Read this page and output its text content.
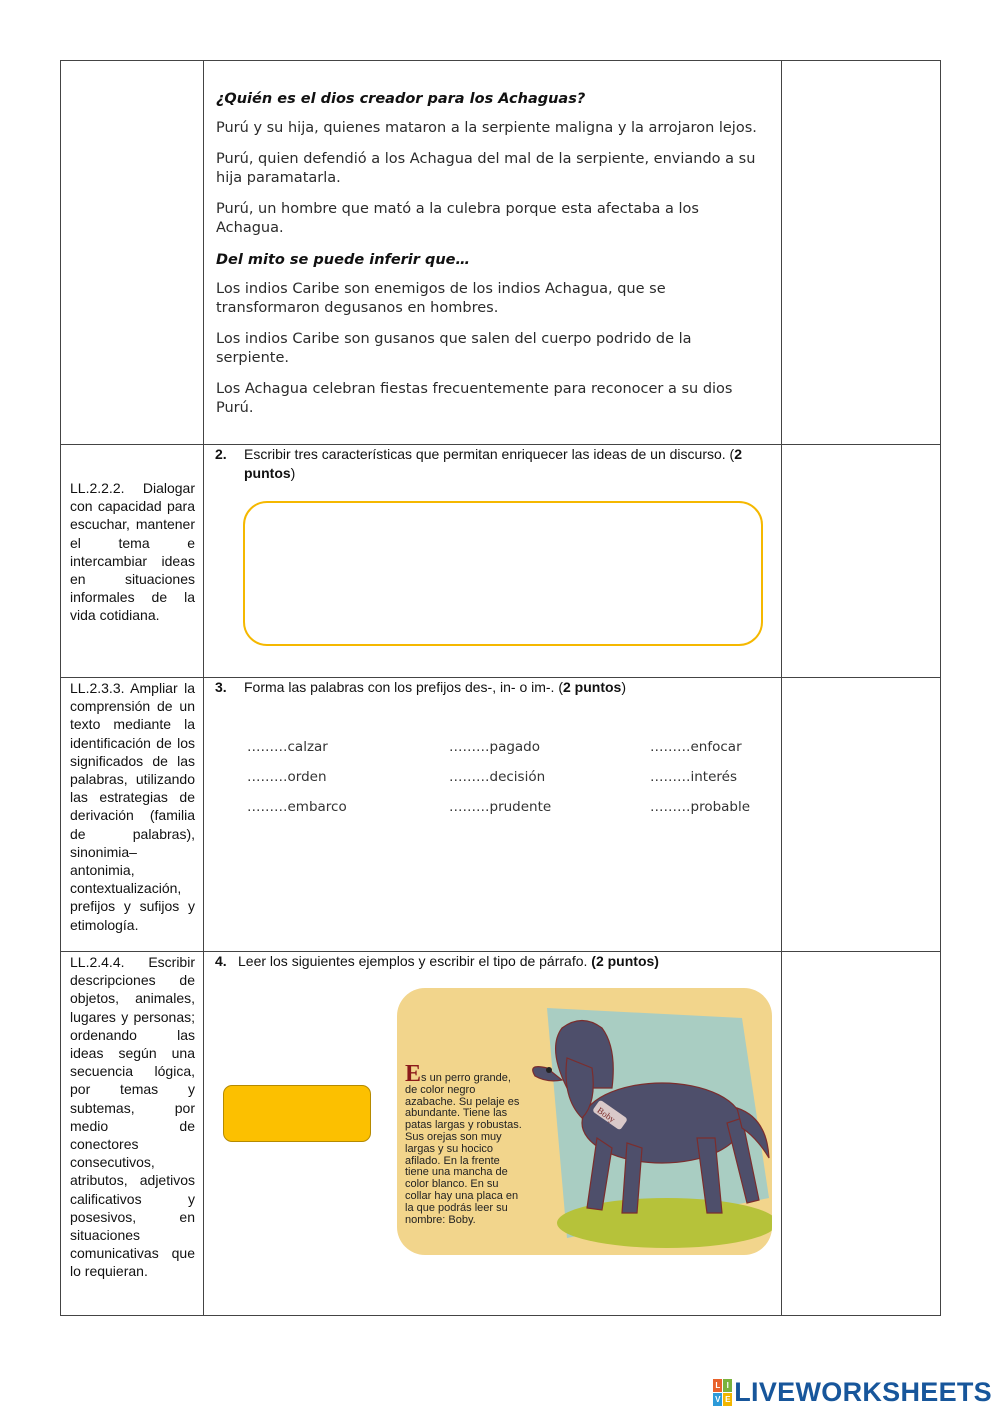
¿Quién es el dios creador para los Achaguas?

Purú y su hija, quienes mataron a la serpiente maligna y la arrojaron lejos.

Purú, quien defendió a los Achagua del mal de la serpiente, enviando a su hija paramatarla.

Purú, un hombre que mató a la culebra porque esta afectaba a los Achagua.

Del mito se puede inferir que…

Los indios Caribe son enemigos de los indios Achagua, que se transformaron degusanos en hombres.

Los indios Caribe son gusanos que salen del cuerpo podrido de la serpiente.

Los Achagua celebran fiestas frecuentemente para reconocer a su dios Purú.

LL.2.2.2. Dialogar con capacidad para escuchar, mantener el tema e intercambiar ideas en situaciones informales de la vida cotidiana.
2. Escribir tres características que permitan enriquecer las ideas de un discurso. (2 puntos)
LL.2.3.3. Ampliar la comprensión de un texto mediante la identificación de los significados de las palabras, utilizando las estrategias de derivación (familia de palabras), sinonimia–antonimia, contextualización, prefijos y sufijos y etimología.
3. Forma las palabras con los prefijos des-, in- o im-. (2 puntos)
………calzar	………pagado	………enfocar
………orden	………decisión	………interés
………embarco	………prudente	………probable
LL.2.4.4. Escribir descripciones de objetos, animales, lugares y personas; ordenando las ideas según una secuencia lógica, por temas y subtemas, por medio de conectores consecutivos, atributos, adjetivos calificativos y posesivos, en situaciones comunicativas que lo requieran.
4. Leer los siguientes ejemplos y escribir el tipo de párrafo. (2 puntos)
Boby
Es un perro grande, de color negro azabache. Su pelaje es abundante. Tiene las patas largas y robustas. Sus orejas son muy largas y su hocico afilado. En la frente tiene una mancha de color blanco. En su collar hay una placa en la que podrás leer su nombre: Boby.
L I
V E LIVEWORKSHEETS
